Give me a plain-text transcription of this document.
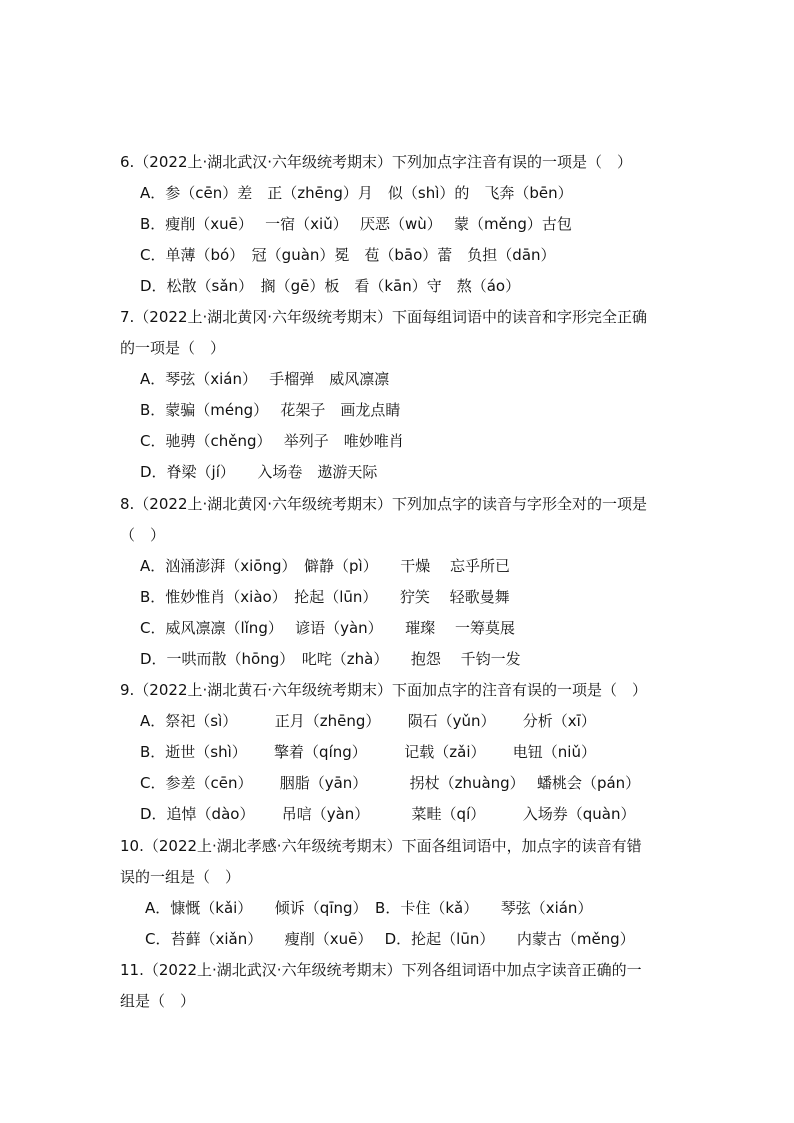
6.（2022上·湖北武汉·六年级统考期末）下列加点字注音有误的一项是（　）
A．参（cēn）差　正（zhēng）月　似（shì）的　飞奔（bēn）
B．瘦削（xuē）　 一宿（xiǔ）　 厌恶（wù）　 蒙（měng）古包
C．单薄（bó）　冠（guàn）冕　苞（bāo）蕾　负担（dān）
D．松散（sǎn）　搁（gē）板　看（kān）守　熬（áo）
7.（2022上·湖北黄冈·六年级统考期末）下面每组词语中的读音和字形完全正确
的一项是（　）
A．琴弦（xián）　 手榴弹　威风凛凛
B．蒙骗（méng）　 花架子　画龙点睛
C．驰骋（chěng）　 举列子　唯妙唯肖
D．脊梁（jí）　　入场卷　遨游天际
8.（2022上·湖北黄冈·六年级统考期末）下列加点字的读音与字形全对的一项是
（　）
A．汹涌澎湃（xiōng）　僻静（pì）　　干燥　 忘乎所已
B．惟妙惟肖（xiào）　抡起（lūn）　　狞笑　 轻歌曼舞
C．威风凛凛（lǐng）　 谚语（yàn）　　璀璨　 一筹莫展
D．一哄而散（hōng）　叱咤（zhà）　　抱怨　 千钧一发
9.（2022上·湖北黄石·六年级统考期末）下面加点字的注音有误的一项是（　）
A．祭祀（sì）　　　正月（zhēng）　　 陨石（yǔn）　　 分析（xī）
B．逝世（shì）　　 擎着（qíng）　　　记载（zǎi）　　 电钮（niǔ）
C．参差（cēn）　　 胭脂（yān）　　　 拐杖（zhuàng）　 蟠桃会（pán）
D．追悼（dào）　　 吊唁（yàn）　　　 菜畦（qí）　　　入场券（quàn）
10.（2022上·湖北孝感·六年级统考期末）下面各组词语中，加点字的读音有错
误的一组是（　）
A．慷慨（kǎi）　　倾诉（qīng）　B．卡住（kǎ）　　琴弦（xián）
C．苔藓（xiǎn）　　瘦削（xuē）　 D．抡起（lūn）　　内蒙古（měng）
11.（2022上·湖北武汉·六年级统考期末）下列各组词语中加点字读音正确的一
组是（　）
